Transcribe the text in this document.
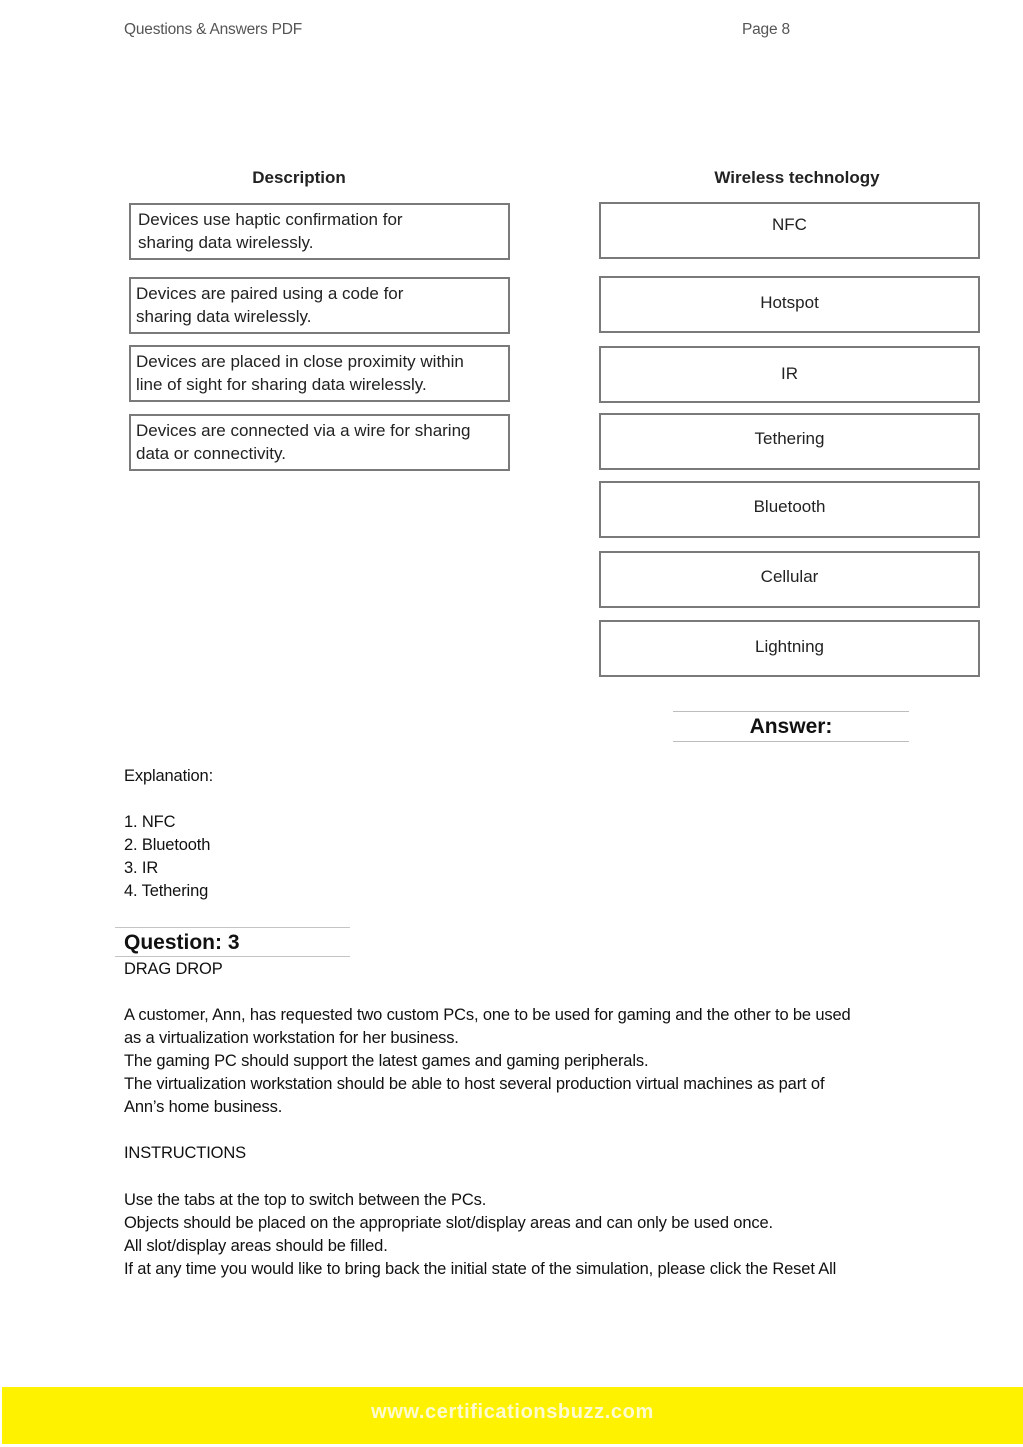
Questions & Answers PDF	Page 8
Description	Wireless technology
Devices use haptic confirmation for
sharing data wirelessly.
Devices are paired using a code for
sharing data wirelessly.
Devices are placed in close proximity within
line of sight for sharing data wirelessly.
Devices are connected via a wire for sharing
data or connectivity.
NFC
Hotspot
IR
Tethering
Bluetooth
Cellular
Lightning
Answer:
Explanation:
1. NFC
2. Bluetooth
3. IR
4. Tethering
Question: 3
DRAG DROP
A customer, Ann, has requested two custom PCs, one to be used for gaming and the other to be used
as a virtualization workstation for her business.
The gaming PC should support the latest games and gaming peripherals.
The virtualization workstation should be able to host several production virtual machines as part of
Ann’s home business.
INSTRUCTIONS
Use the tabs at the top to switch between the PCs.
Objects should be placed on the appropriate slot/display areas and can only be used once.
All slot/display areas should be filled.
If at any time you would like to bring back the initial state of the simulation, please click the Reset All
www.certificationsbuzz.com
